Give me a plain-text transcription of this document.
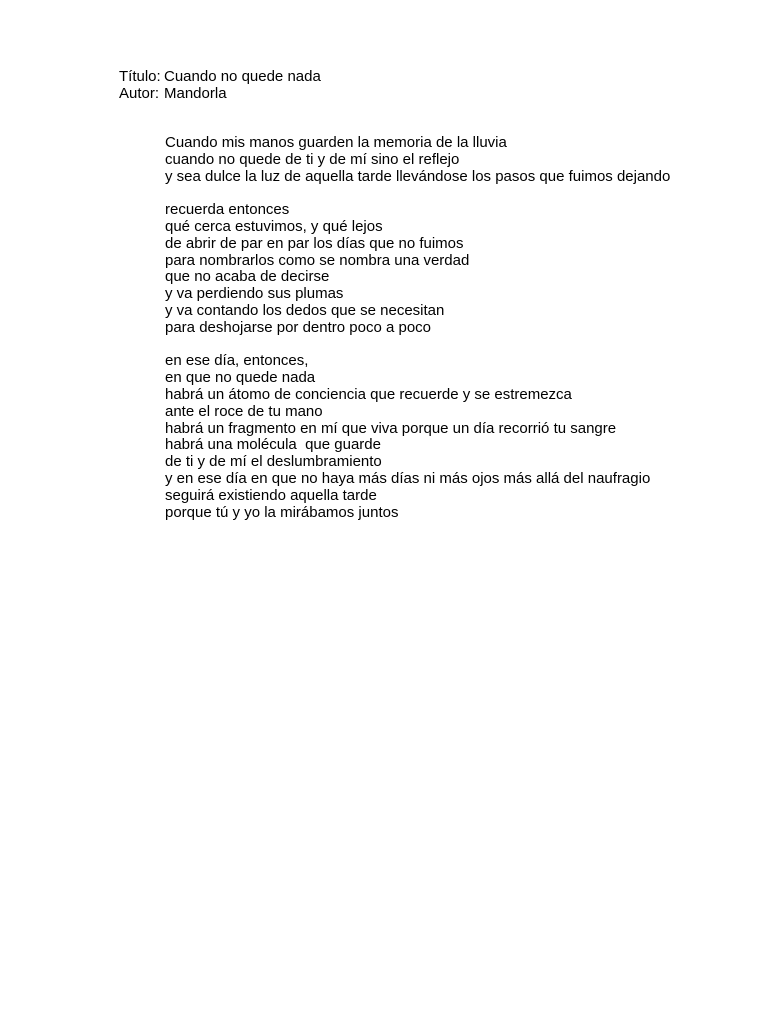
Título: Cuando no quede nada
Autor: Mandorla
Cuando mis manos guarden la memoria de la lluvia
cuando no quede de ti y de mí sino el reflejo
y sea dulce la luz de aquella tarde llevándose los pasos que fuimos dejando
recuerda entonces
qué cerca estuvimos, y qué lejos
de abrir de par en par los días que no fuimos
para nombrarlos como se nombra una verdad
que no acaba de decirse
y va perdiendo sus plumas
y va contando los dedos que se necesitan
para deshojarse por dentro poco a poco
en ese día, entonces,
en que no quede nada
habrá un átomo de conciencia que recuerde y se estremezca
ante el roce de tu mano
habrá un fragmento en mí que viva porque un día recorrió tu sangre
habrá una molécula  que guarde
de ti y de mí el deslumbramiento
y en ese día en que no haya más días ni más ojos más allá del naufragio
seguirá existiendo aquella tarde
porque tú y yo la mirábamos juntos
